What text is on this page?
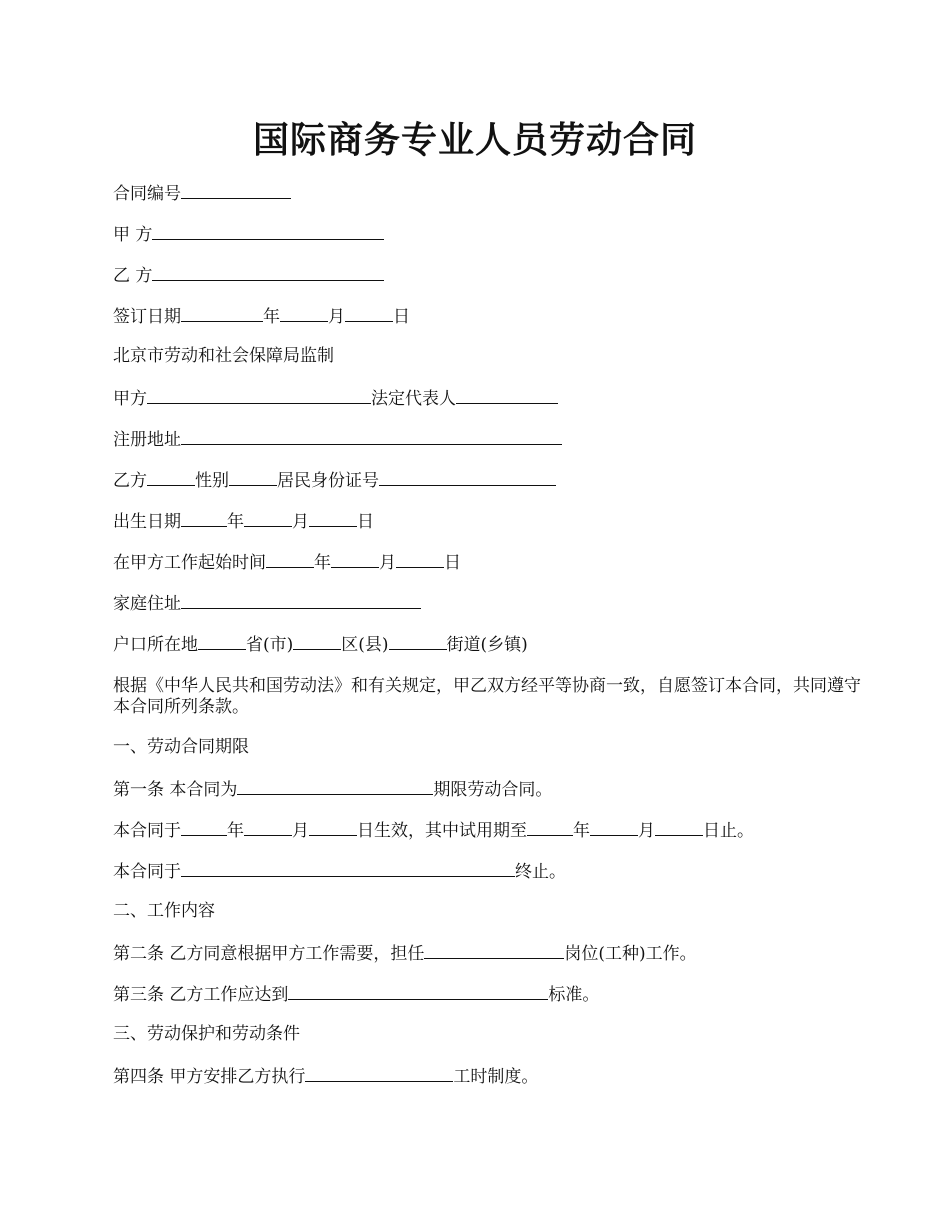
国际商务专业人员劳动合同
合同编号
甲 方
乙 方
签订日期	年	月	日
北京市劳动和社会保障局监制
甲方	法定代表人
注册地址
乙方	性别	居民身份证号
出生日期	年	月	日
在甲方工作起始时间	年	月	日
家庭住址
户口所在地	省(市)	区(县)	街道(乡镇)
根据《中华人民共和国劳动法》和有关规定，甲乙双方经平等协商一致，自愿签订本合同，共同遵守本合同所列条款。
一、劳动合同期限
第一条 本合同为	期限劳动合同。
本合同于	年	月	日生效，其中试用期至	年	月	日止。
本合同于	终止。
二、工作内容
第二条 乙方同意根据甲方工作需要，担任	岗位(工种)工作。
第三条 乙方工作应达到	标准。
三、劳动保护和劳动条件
第四条 甲方安排乙方执行	工时制度。
